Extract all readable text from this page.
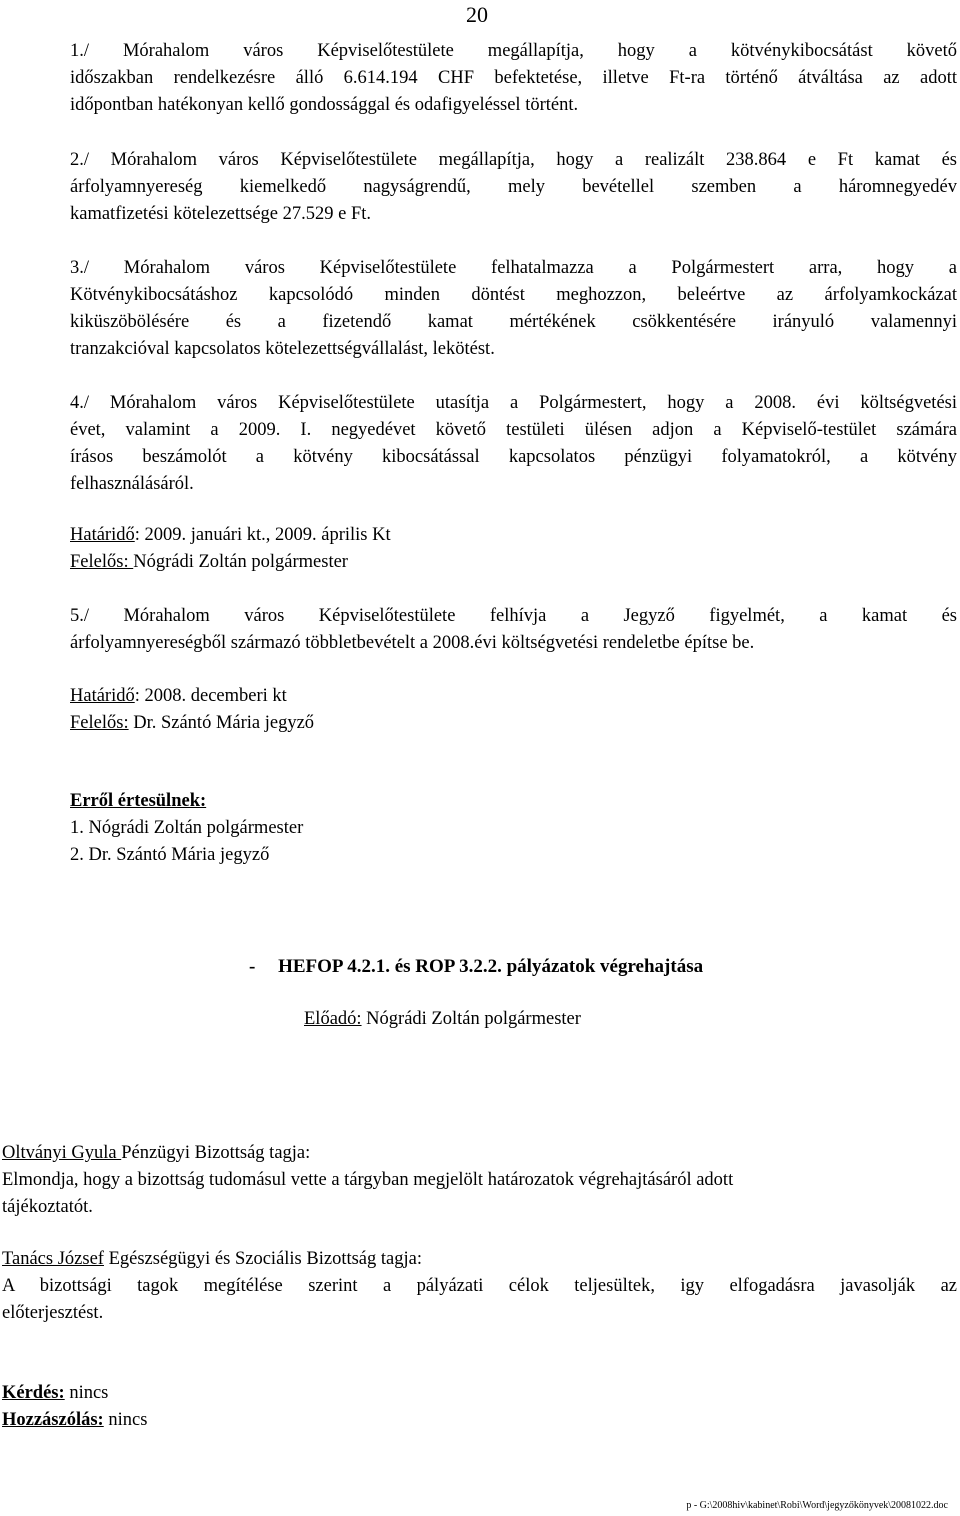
20
1./ Mórahalom város Képviselőtestülete megállapítja, hogy a kötvénykibocsátást követő
időszakban rendelkezésre álló 6.614.194 CHF befektetése, illetve Ft-ra történő átváltása az adott
időpontban hatékonyan kellő gondossággal és odafigyeléssel történt.
2./ Mórahalom város Képviselőtestülete megállapítja, hogy a realizált 238.864 e Ft kamat és
árfolyamnyereség kiemelkedő nagyságrendű, mely bevétellel szemben a háromnegyedév
kamatfizetési kötelezettsége 27.529 e Ft.
3./ Mórahalom város Képviselőtestülete felhatalmazza a Polgármestert arra, hogy a
Kötvénykibocsátáshoz kapcsolódó minden döntést meghozzon, beleértve az árfolyamkockázat
kiküszöbölésére és a fizetendő kamat mértékének csökkentésére irányuló valamennyi
tranzakcióval kapcsolatos kötelezettségvállalást, lekötést.
4./ Mórahalom város Képviselőtestülete utasítja a Polgármestert, hogy a 2008. évi költségvetési
évet, valamint a 2009. I. negyedévet követő testületi ülésen adjon a Képviselő-testület számára
írásos beszámolót a kötvény kibocsátással kapcsolatos pénzügyi folyamatokról, a kötvény
felhasználásáról.
Határidő: 2009. januári kt., 2009. április Kt
Felelős: Nógrádi Zoltán polgármester
5./ Mórahalom város Képviselőtestülete felhívja a Jegyző figyelmét, a kamat és
árfolyamnyereségből származó többletbevételt a 2008.évi költségvetési rendeletbe építse be.
Határidő: 2008. decemberi kt
Felelős: Dr. Szántó Mária jegyző
Erről értesülnek:
1. Nógrádi Zoltán polgármester
2. Dr. Szántó Mária jegyző
- HEFOP 4.2.1. és ROP 3.2.2. pályázatok végrehajtása
Előadó: Nógrádi Zoltán polgármester
Oltványi Gyula Pénzügyi Bizottság tagja:
Elmondja, hogy a bizottság tudomásul vette a tárgyban megjelölt határozatok végrehajtásáról adott
tájékoztatót.
Tanács József Egészségügyi és Szociális Bizottság tagja:
A bizottsági tagok megítélése szerint a pályázati célok teljesültek, igy elfogadásra javasolják az
előterjesztést.
Kérdés: nincs
Hozzászólás: nincs
p - G:\2008hiv\kabinet\Robi\Word\jegyzőkönyvek\20081022.doc
